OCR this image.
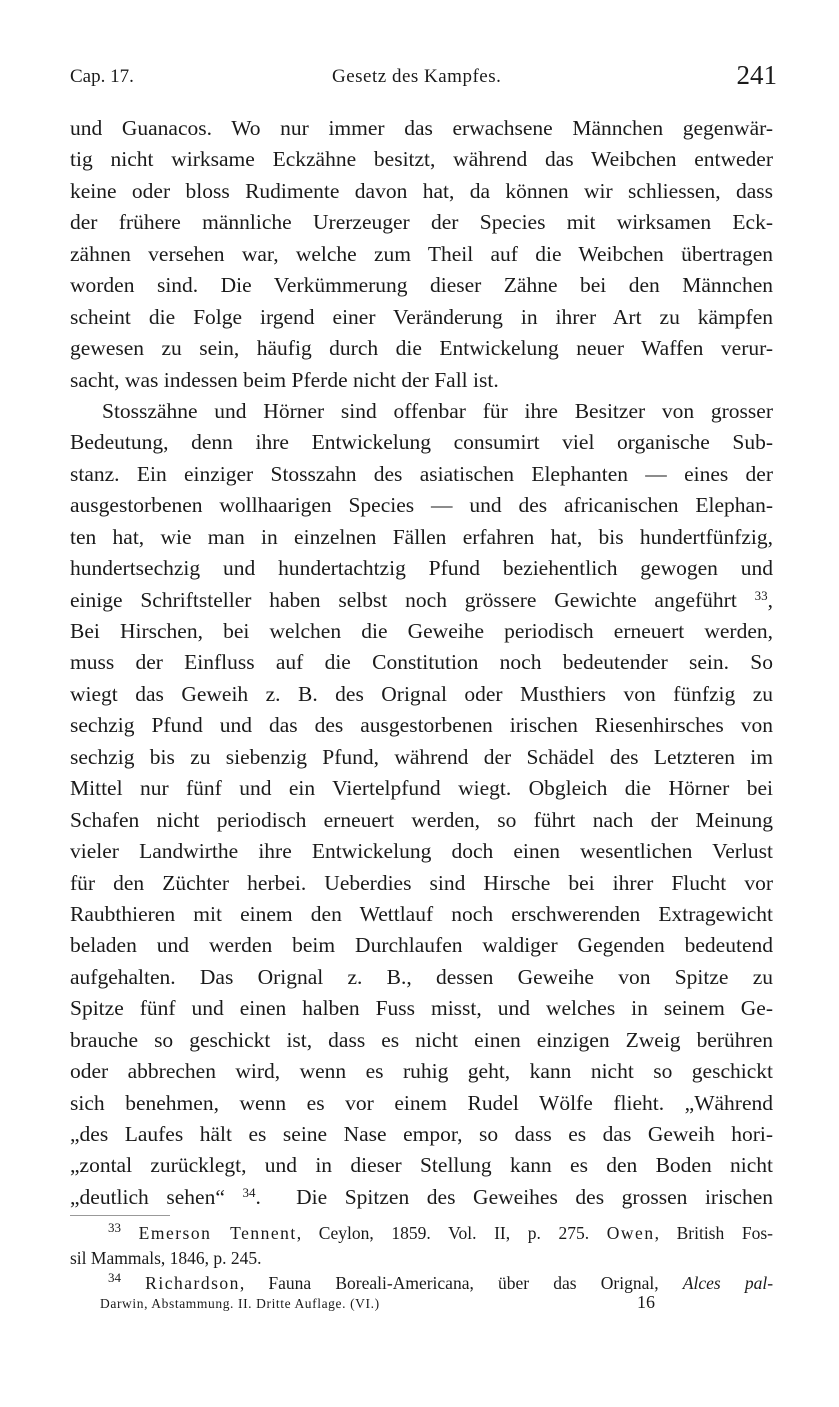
Cap. 17.	Gesetz des Kampfes.	241
und Guanacos. Wo nur immer das erwachsene Männchen gegenwär-
tig nicht wirksame Eckzähne besitzt, während das Weibchen entweder
keine oder bloss Rudimente davon hat, da können wir schliessen, dass
der frühere männliche Urerzeuger der Species mit wirksamen Eck-
zähnen versehen war, welche zum Theil auf die Weibchen übertragen
worden sind. Die Verkümmerung dieser Zähne bei den Männchen
scheint die Folge irgend einer Veränderung in ihrer Art zu kämpfen
gewesen zu sein, häufig durch die Entwickelung neuer Waffen verur-
sacht, was indessen beim Pferde nicht der Fall ist.
Stosszähne und Hörner sind offenbar für ihre Besitzer von grosser
Bedeutung, denn ihre Entwickelung consumirt viel organische Sub-
stanz. Ein einziger Stosszahn des asiatischen Elephanten — eines der
ausgestorbenen wollhaarigen Species — und des africanischen Elephan-
ten hat, wie man in einzelnen Fällen erfahren hat, bis hundertfünfzig,
hundertsechzig und hundertachtzig Pfund beziehentlich gewogen und
einige Schriftsteller haben selbst noch grössere Gewichte angeführt $^{33}$,
Bei Hirschen, bei welchen die Geweihe periodisch erneuert werden,
muss der Einfluss auf die Constitution noch bedeutender sein. So
wiegt das Geweih z. B. des Orignal oder Musthiers von fünfzig zu
sechzig Pfund und das des ausgestorbenen irischen Riesenhirsches von
sechzig bis zu siebenzig Pfund, während der Schädel des Letzteren im
Mittel nur fünf und ein Viertelpfund wiegt. Obgleich die Hörner bei
Schafen nicht periodisch erneuert werden, so führt nach der Meinung
vieler Landwirthe ihre Entwickelung doch einen wesentlichen Verlust
für den Züchter herbei. Ueberdies sind Hirsche bei ihrer Flucht vor
Raubthieren mit einem den Wettlauf noch erschwerenden Extragewicht
beladen und werden beim Durchlaufen waldiger Gegenden bedeutend
aufgehalten. Das Orignal z. B., dessen Geweihe von Spitze zu
Spitze fünf und einen halben Fuss misst, und welches in seinem Ge-
brauche so geschickt ist, dass es nicht einen einzigen Zweig berühren
oder abbrechen wird, wenn es ruhig geht, kann nicht so geschickt
sich benehmen, wenn es vor einem Rudel Wölfe flieht. „Während
„des Laufes hält es seine Nase empor, so dass es das Geweih hori-
„zontal zurücklegt, und in dieser Stellung kann es den Boden nicht
„deutlich sehen“ $^{34}$. Die Spitzen des Geweihes des grossen irischen
$^{33}$ Emerson Tennent, Ceylon, 1859. Vol. II, p. 275. Owen, British Fos-
sil Mammals, 1846, p. 245.
$^{34}$ Richardson, Fauna Boreali-Americana, über das Orignal, Alces pal-
Darwin, Abstammung. II. Dritte Auflage. (VI.)	16
